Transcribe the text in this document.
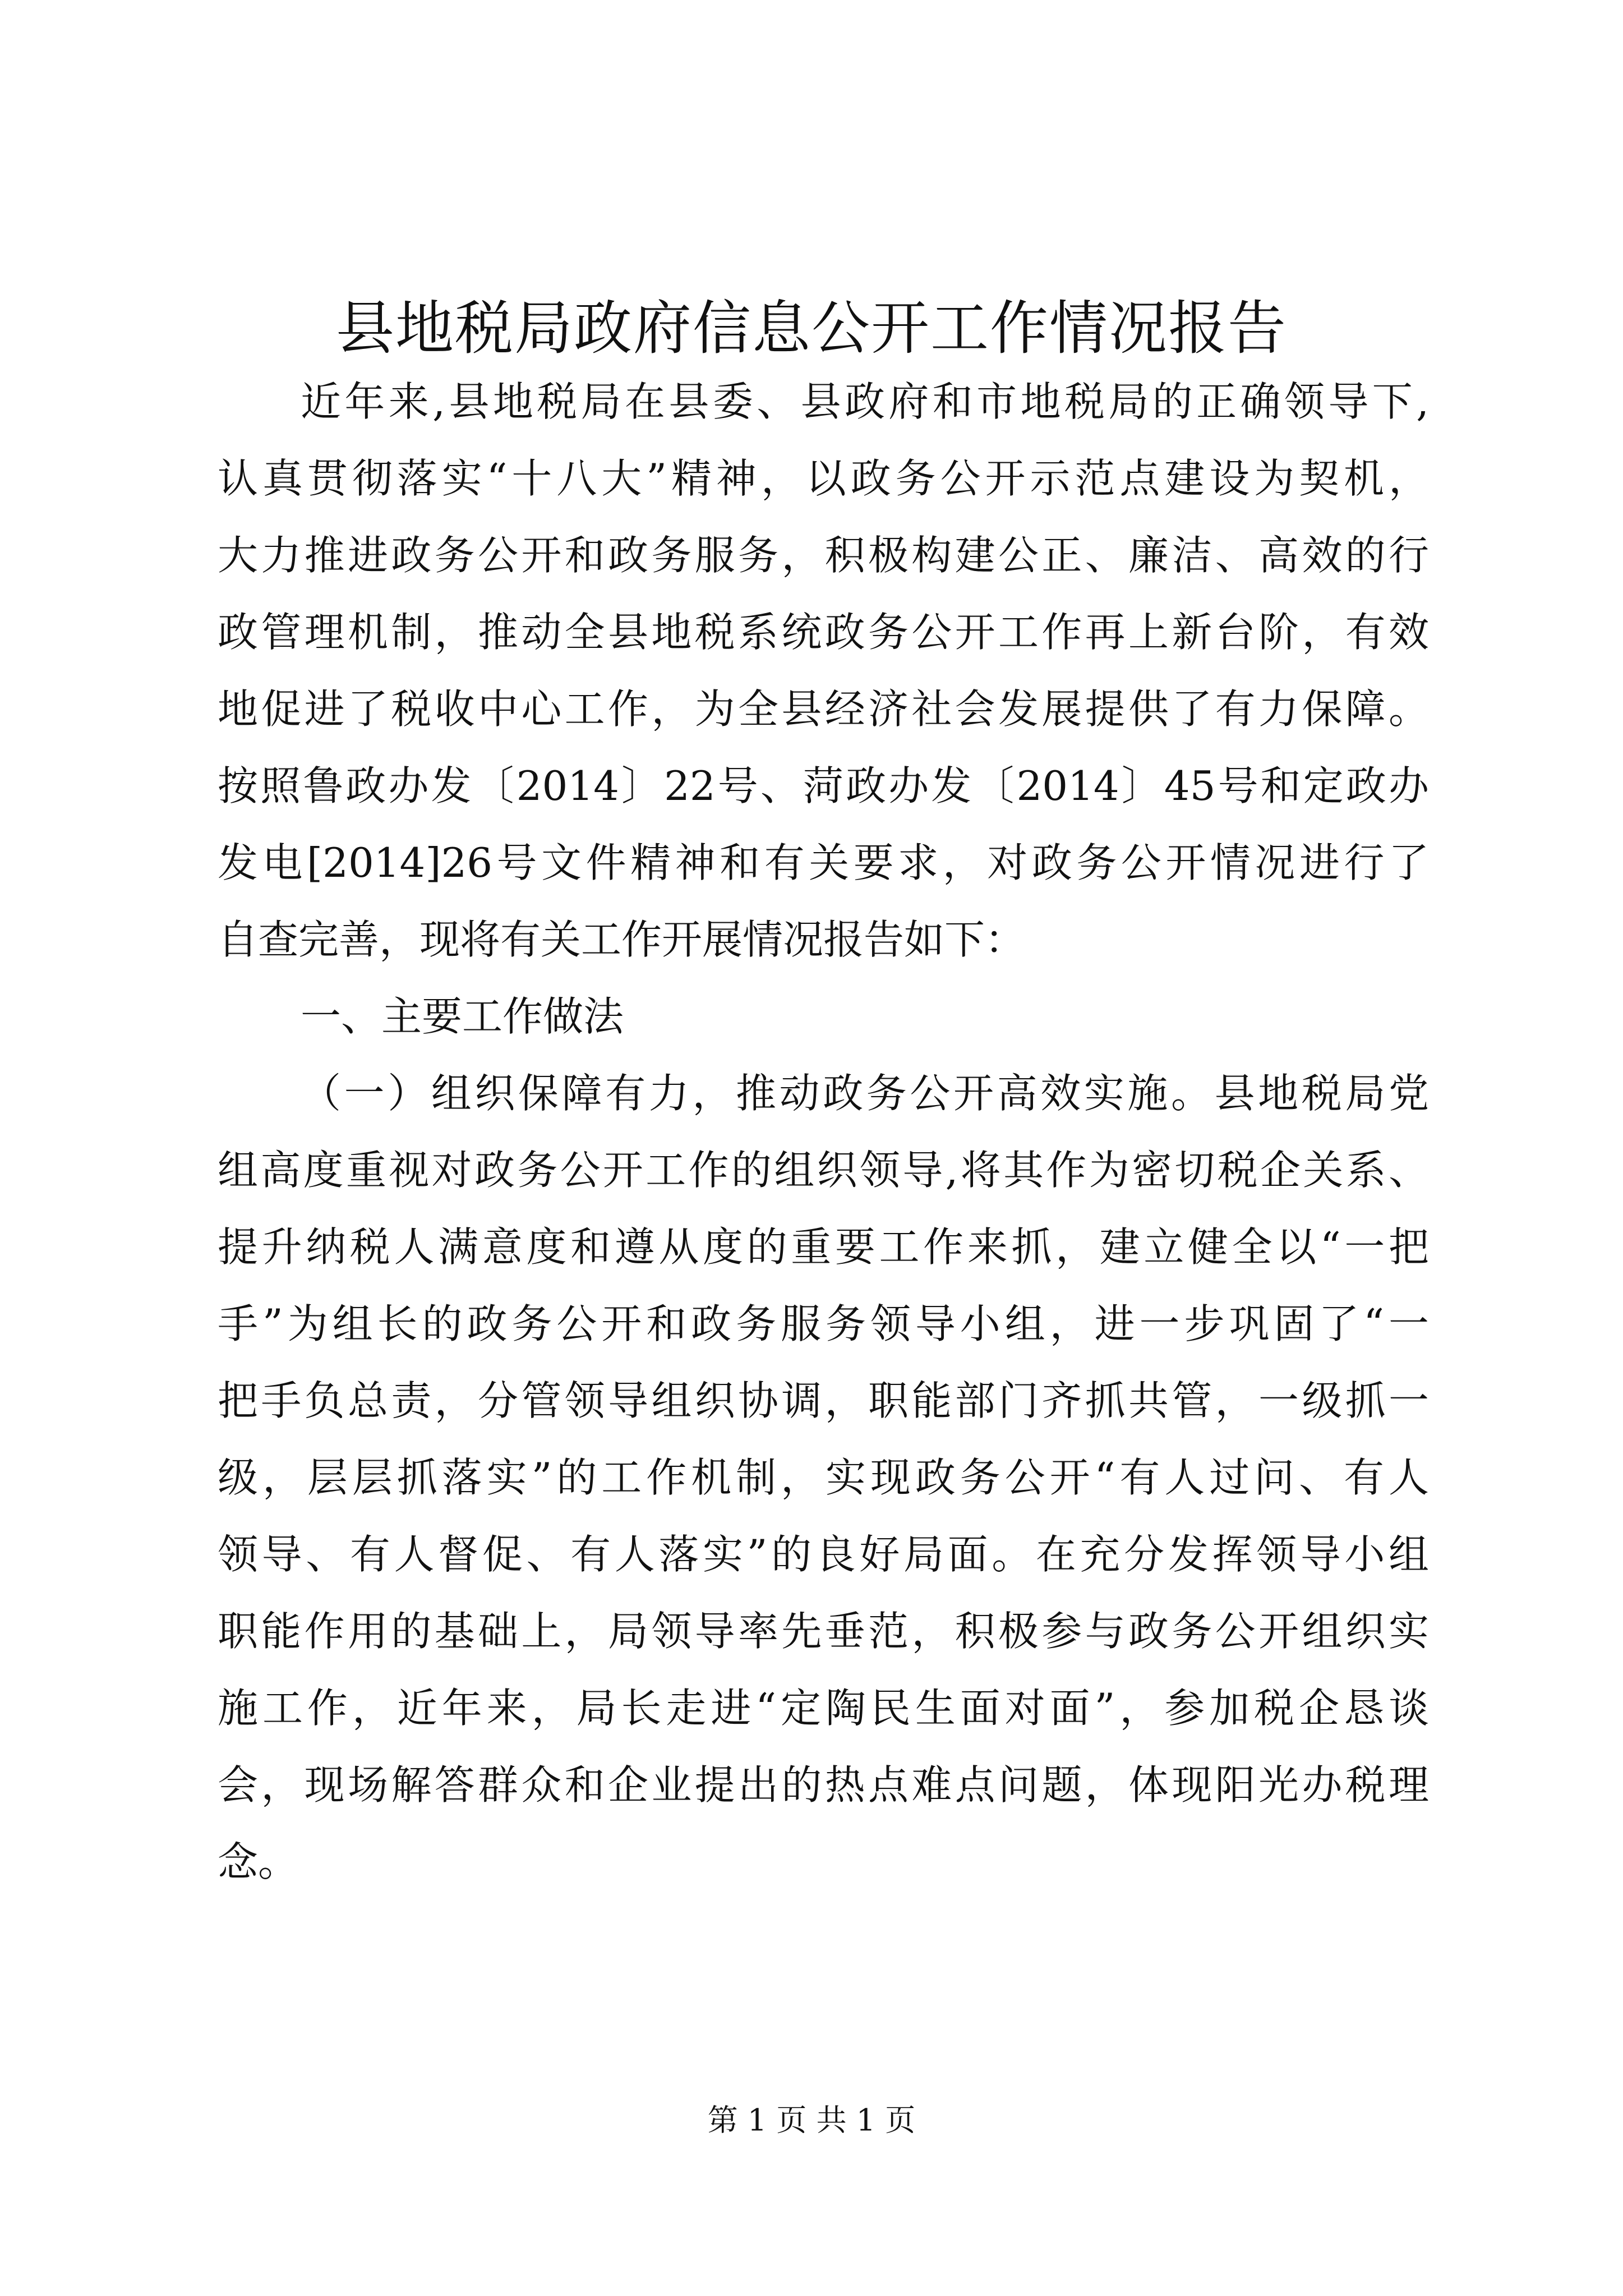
县地税局政府信息公开工作情况报告
近年来,县地税局在县委、县政府和市地税局的正确领导下,
认真贯彻落实“十八大”精神，以政务公开示范点建设为契机，
大力推进政务公开和政务服务，积极构建公正、廉洁、高效的行
政管理机制，推动全县地税系统政务公开工作再上新台阶，有效
地促进了税收中心工作，为全县经济社会发展提供了有力保障。
按照鲁政办发〔2014〕22号、菏政办发〔2014〕45号和定政办
发电[2014]26号文件精神和有关要求，对政务公开情况进行了
自查完善，现将有关工作开展情况报告如下：
一、主要工作做法
（一）组织保障有力，推动政务公开高效实施。县地税局党
组高度重视对政务公开工作的组织领导,将其作为密切税企关系、
提升纳税人满意度和遵从度的重要工作来抓，建立健全以“一把
手”为组长的政务公开和政务服务领导小组，进一步巩固了“一
把手负总责，分管领导组织协调，职能部门齐抓共管，一级抓一
级，层层抓落实”的工作机制，实现政务公开“有人过问、有人
领导、有人督促、有人落实”的良好局面。在充分发挥领导小组
职能作用的基础上，局领导率先垂范，积极参与政务公开组织实
施工作，近年来，局长走进“定陶民生面对面”，参加税企恳谈
会，现场解答群众和企业提出的热点难点问题，体现阳光办税理
念。
第 1 页 共 1 页
